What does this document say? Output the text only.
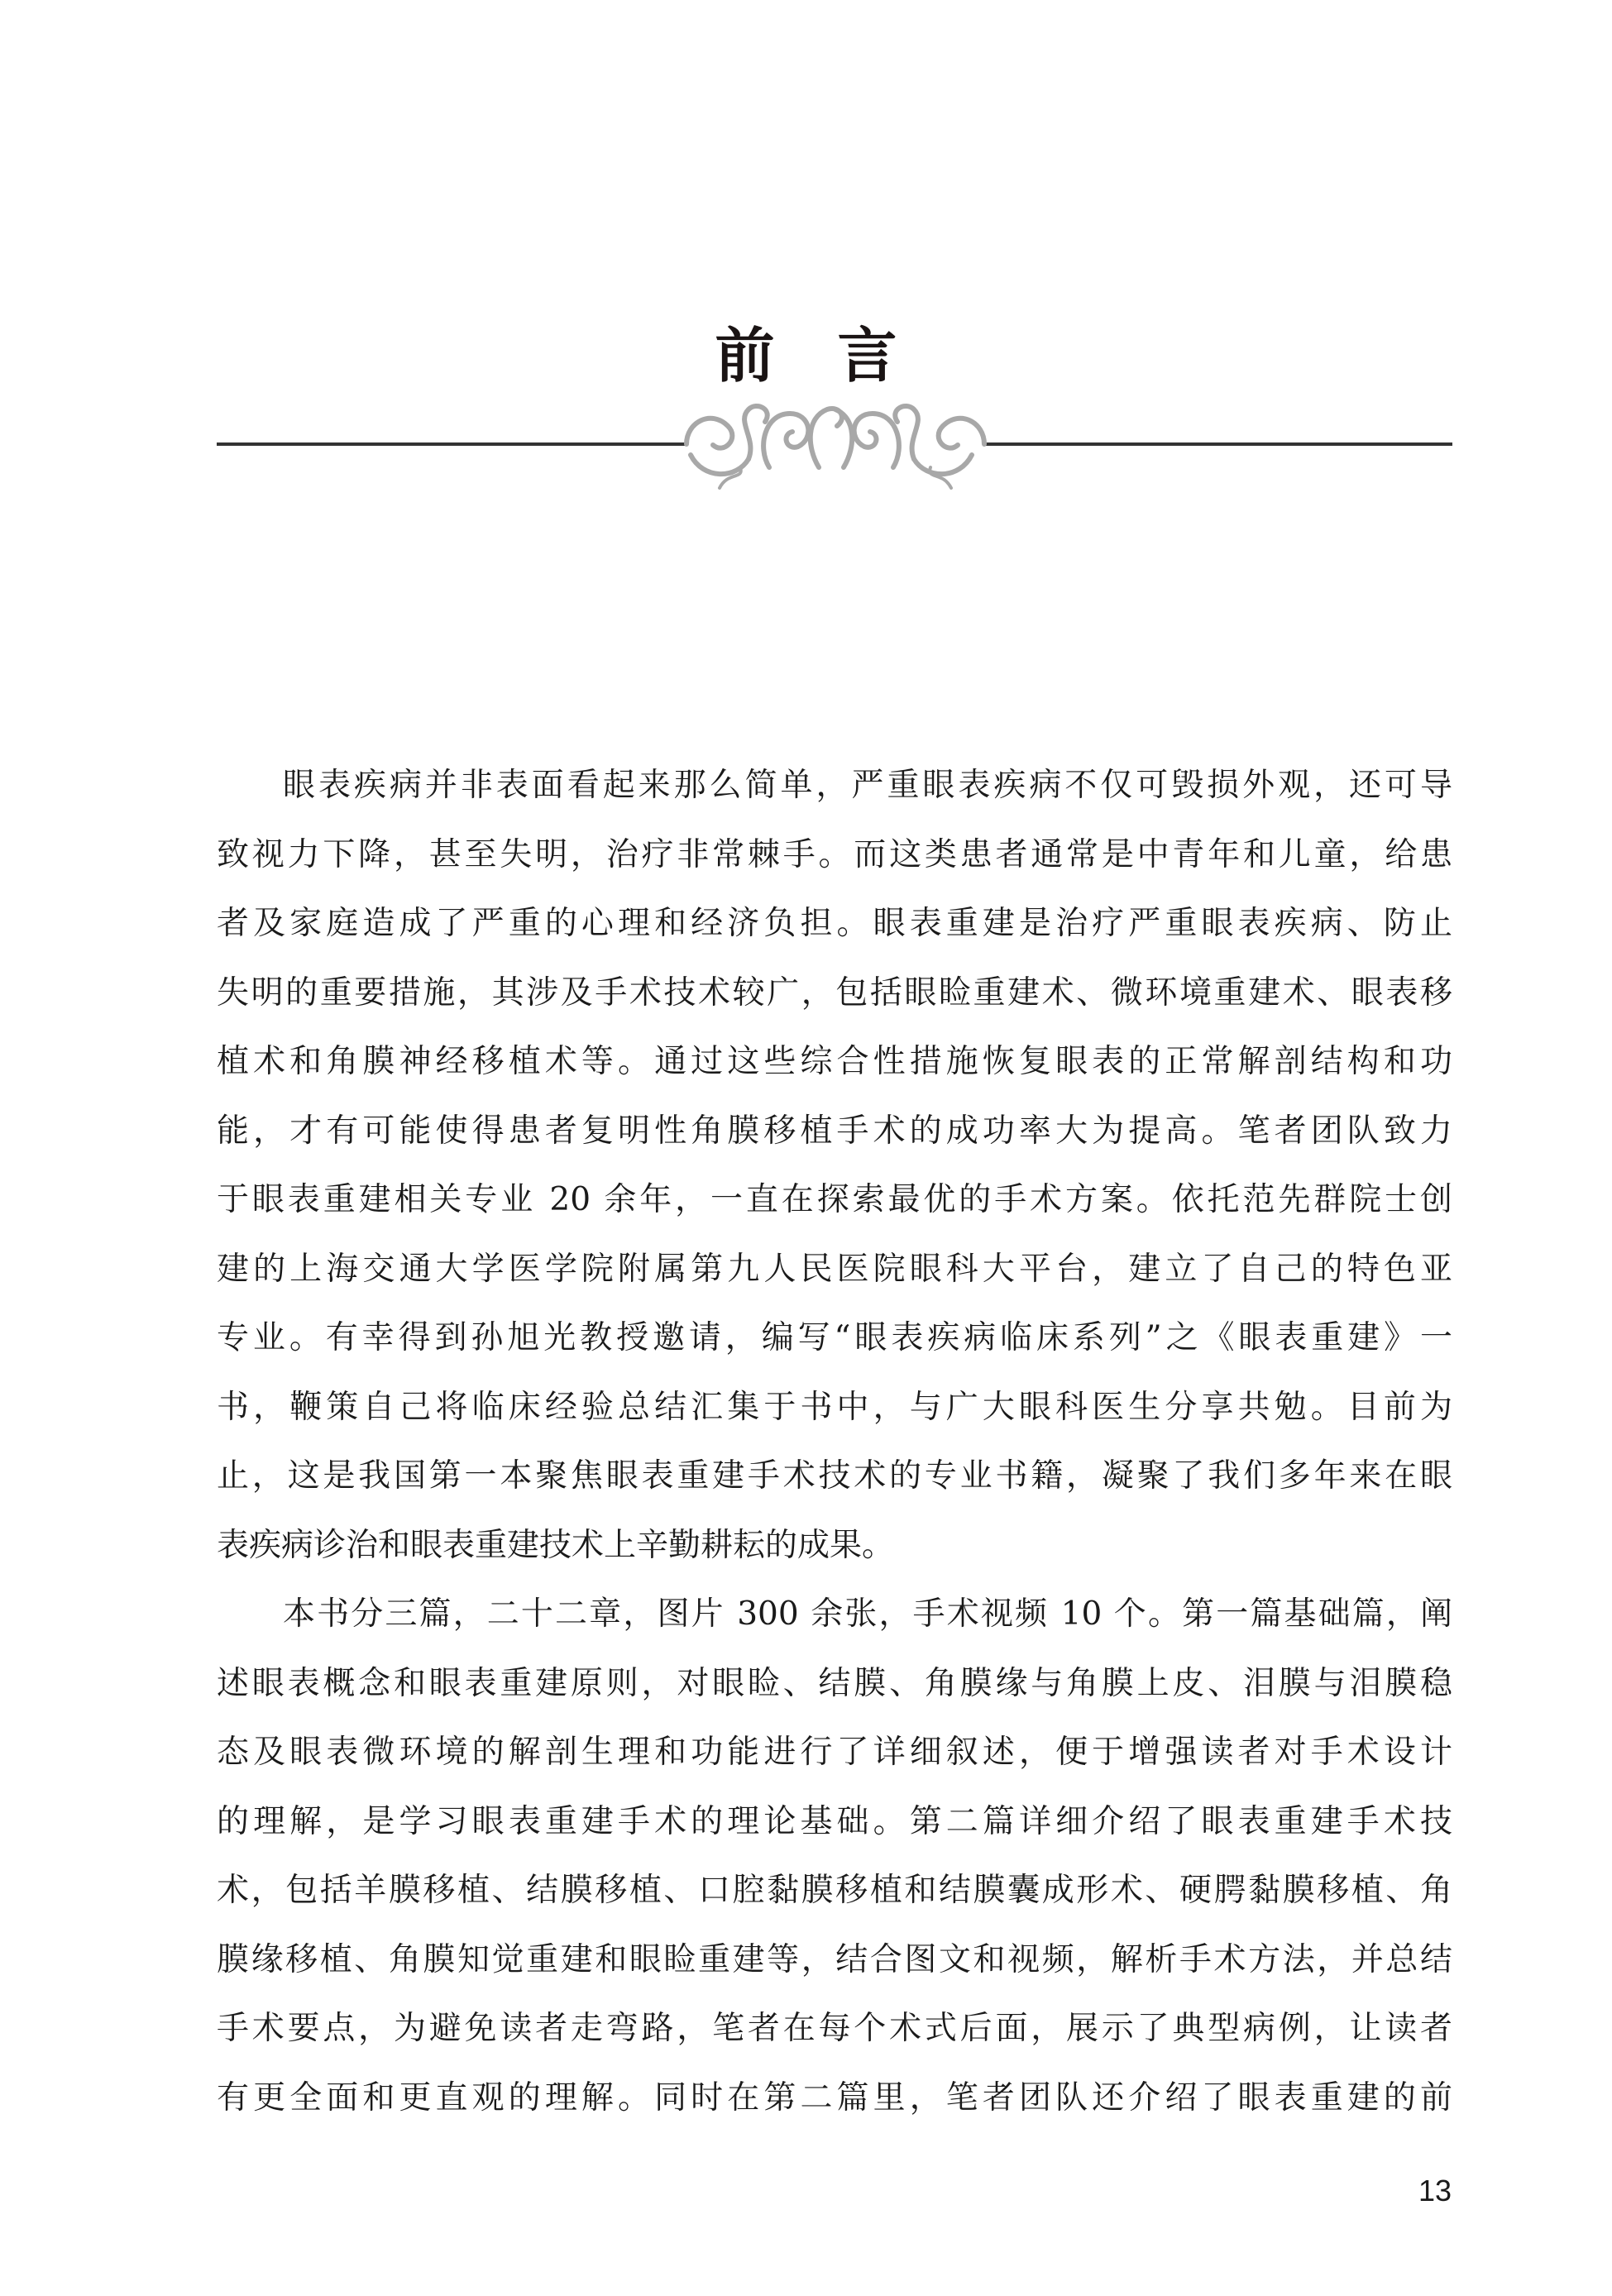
前 言
眼表疾病并非表面看起来那么简单，严重眼表疾病不仅可毁损外观，还可导
致视力下降，甚至失明，治疗非常棘手。而这类患者通常是中青年和儿童，给患
者及家庭造成了严重的心理和经济负担。眼表重建是治疗严重眼表疾病、防止
失明的重要措施，其涉及手术技术较广，包括眼睑重建术、微环境重建术、眼表移
植术和角膜神经移植术等。通过这些综合性措施恢复眼表的正常解剖结构和功
能，才有可能使得患者复明性角膜移植手术的成功率大为提高。笔者团队致力
于眼表重建相关专业 20 余年，一直在探索最优的手术方案。依托范先群院士创
建的上海交通大学医学院附属第九人民医院眼科大平台，建立了自己的特色亚
专业。有幸得到孙旭光教授邀请，编写“眼表疾病临床系列”之《眼表重建》一
书，鞭策自己将临床经验总结汇集于书中，与广大眼科医生分享共勉。目前为
止，这是我国第一本聚焦眼表重建手术技术的专业书籍，凝聚了我们多年来在眼
表疾病诊治和眼表重建技术上辛勤耕耘的成果。
本书分三篇，二十二章，图片 300 余张，手术视频 10 个。第一篇基础篇，阐
述眼表概念和眼表重建原则，对眼睑、结膜、角膜缘与角膜上皮、泪膜与泪膜稳
态及眼表微环境的解剖生理和功能进行了详细叙述，便于增强读者对手术设计
的理解，是学习眼表重建手术的理论基础。第二篇详细介绍了眼表重建手术技
术，包括羊膜移植、结膜移植、口腔黏膜移植和结膜囊成形术、硬腭黏膜移植、角
膜缘移植、角膜知觉重建和眼睑重建等，结合图文和视频，解析手术方法，并总结
手术要点，为避免读者走弯路，笔者在每个术式后面，展示了典型病例，让读者
有更全面和更直观的理解。同时在第二篇里，笔者团队还介绍了眼表重建的前
13
